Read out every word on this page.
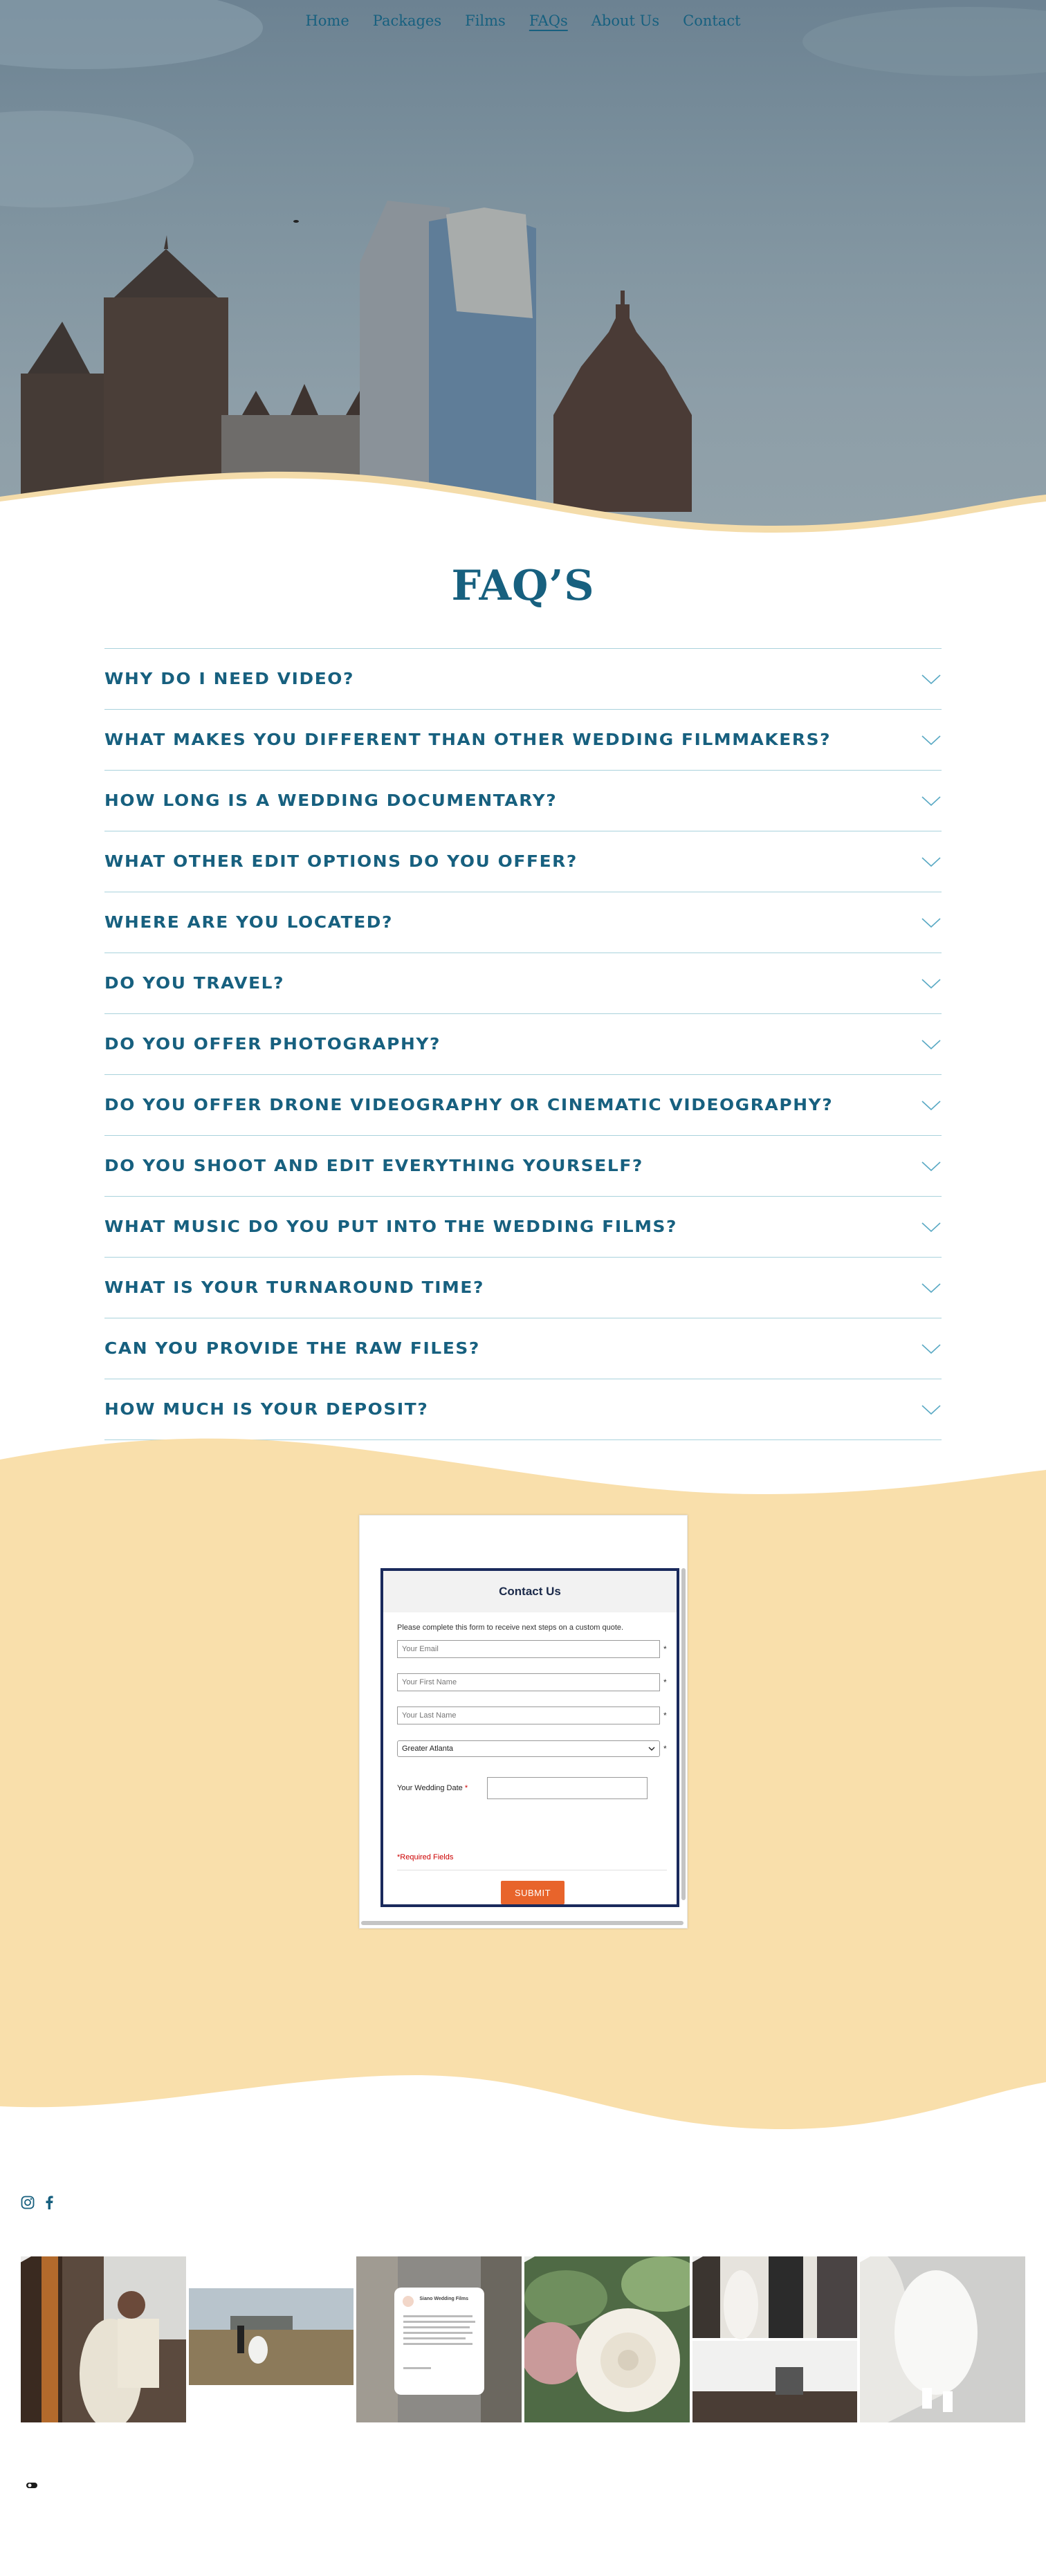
Home Packages Films FAQs About Us Contact
FAQ’S
WHY DO I NEED VIDEO?
WHAT MAKES YOU DIFFERENT THAN OTHER WEDDING FILMMAKERS?
HOW LONG IS A WEDDING DOCUMENTARY?
WHAT OTHER EDIT OPTIONS DO YOU OFFER?
WHERE ARE YOU LOCATED?
DO YOU TRAVEL?
DO YOU OFFER PHOTOGRAPHY?
DO YOU OFFER DRONE VIDEOGRAPHY OR CINEMATIC VIDEOGRAPHY?
DO YOU SHOOT AND EDIT EVERYTHING YOURSELF?
WHAT MUSIC DO YOU PUT INTO THE WEDDING FILMS?
WHAT IS YOUR TURNAROUND TIME?
CAN YOU PROVIDE THE RAW FILES?
HOW MUCH IS YOUR DEPOSIT?
Contact Us
Please complete this form to receive next steps on a custom quote.
Your Email
*
Your First Name
*
Your Last Name
*
Greater Atlanta	*
Your Wedding Date *
*Required Fields
SUBMIT
Siano Wedding Films
